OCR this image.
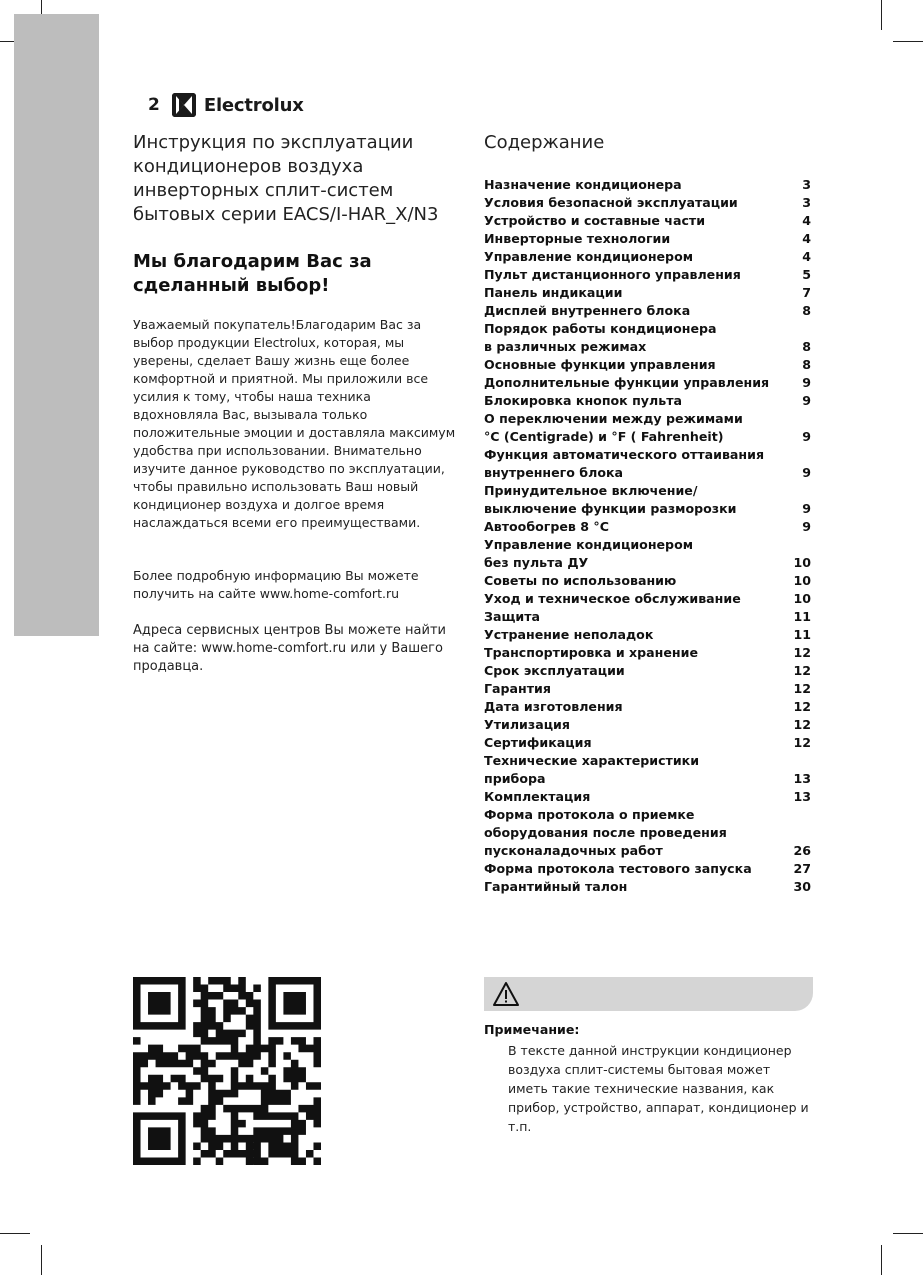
2 Electrolux
Инструкция по эксплуатации кондиционеров воздуха инверторных сплит-систем бытовых серии EACS/I-HAR_X/N3
Мы благодарим Вас за сделанный выбор!

Уважаемый покупатель!Благодарим Вас за выбор продукции Electrolux, которая, мы уверены, сделает Вашу жизнь еще более комфортной и приятной. Мы приложили все усилия к тому, чтобы наша техника вдохновляла Вас, вызывала только положительные эмоции и доставляла максимум удобства при использовании. Внимательно изучите данное руководство по эксплуатации, чтобы правильно использовать Ваш новый кондиционер воздуха и долгое время наслаждаться всеми его преимуществами.

Более подробную информацию Вы можете получить на сайте www.home-comfort.ru

Адреса сервисных центров Вы можете найти на сайте: www.home-comfort.ru или у Вашего продавца.

Содержание
Назначение кондиционера	3
Условия безопасной эксплуатации	3
Устройство и составные части	4
Инверторные технологии	4
Управление кондиционером	4
Пульт дистанционного управления	5
Панель индикации	7
Дисплей внутреннего блока	8
Порядок работы кондиционера
в различных режимах	8
Основные функции управления	8
Дополнительные функции управления	9
Блокировка кнопок пульта	9
О переключении между режимами
°C (Centigrade) и °F ( Fahrenheit)	9
Функция автоматического оттаивания
внутреннего блока	9
Принудительное включение/
выключение функции разморозки	9
Автообогрев 8 °С	9
Управление кондиционером
без пульта ДУ	10
Советы по использованию	10
Уход и техническое обслуживание	10
Защита	11
Устранение неполадок	11
Транспортировка и хранение	12
Срок эксплуатации	12
Гарантия	12
Дата изготовления	12
Утилизация	12
Сертификация	12
Технические характеристики
прибора	13
Комплектация	13
Форма протокола о приемке
оборудования после проведения
пусконаладочных работ	26
Форма протокола тестового запуска	27
Гарантийный талон	30
Примечание:
В тексте данной инструкции кондиционер воздуха сплит-системы бытовая может иметь такие технические названия, как прибор, устройство, аппарат, кондиционер и т.п.
